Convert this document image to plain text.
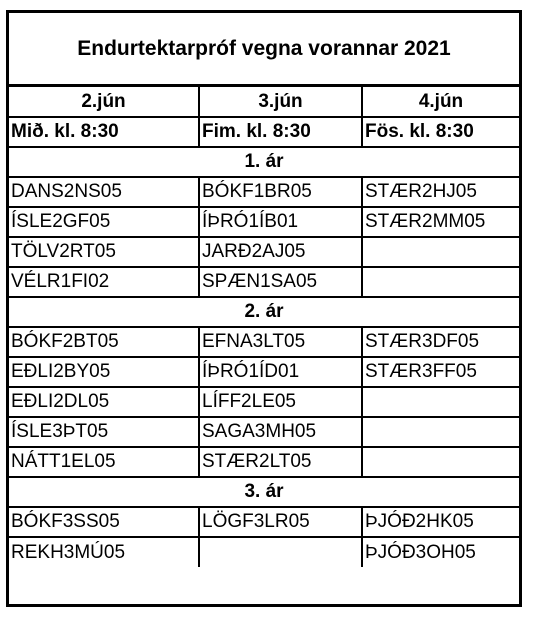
Endurtektarpróf vegna vorannar 2021
2.jún	3.jún	4.jún
Mið. kl. 8:30	Fim. kl. 8:30	Fös. kl. 8:30
1. ár		
DANS2NS05	BÓKF1BR05	STÆR2HJ05
ÍSLE2GF05	ÍÞRÓ1ÍB01	STÆR2MM05
TÖLV2RT05	JARÐ2AJ05	
VÉLR1FI02	SPÆN1SA05	
2. ár		
BÓKF2BT05	EFNA3LT05	STÆR3DF05
EÐLI2BY05	ÍÞRÓ1ÍD01	STÆR3FF05
EÐLI2DL05	LÍFF2LE05	
ÍSLE3ÞT05	SAGA3MH05	
NÁTT1EL05	STÆR2LT05	
3. ár		
BÓKF3SS05	LÖGF3LR05	ÞJÓÐ2HK05
REKH3MÚ05		ÞJÓÐ3OH05
